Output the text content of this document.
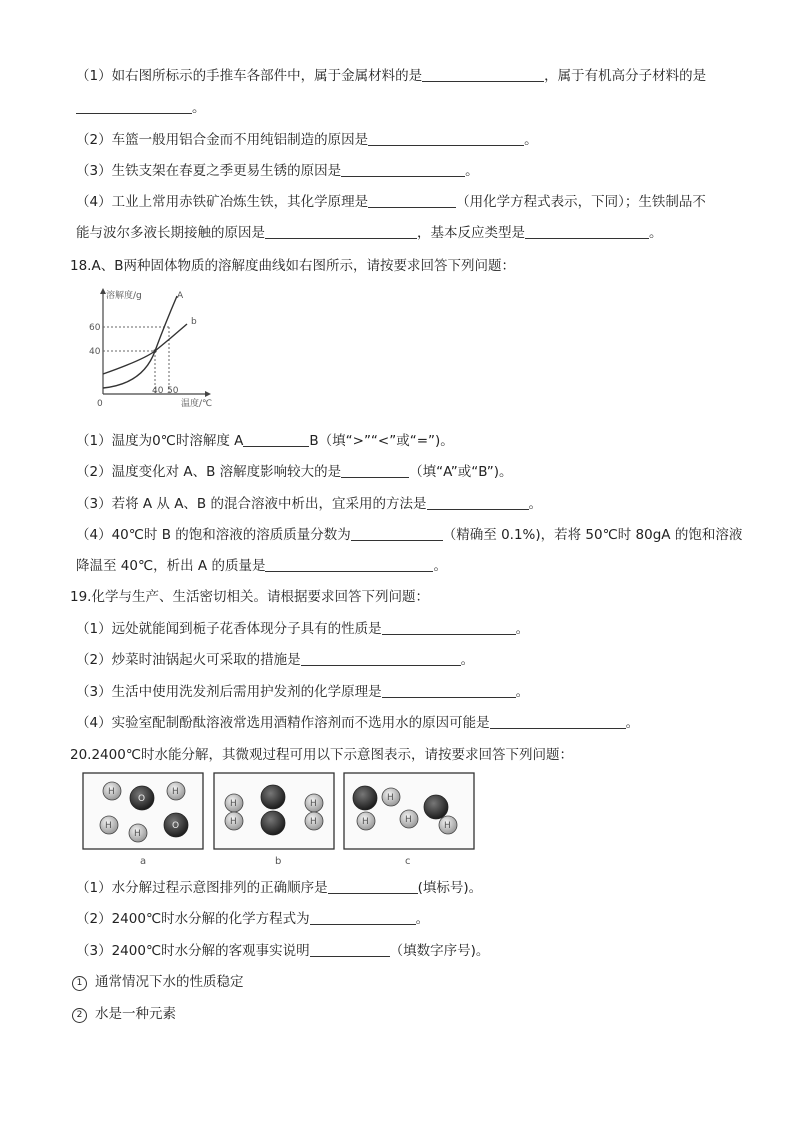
（1）如右图所标示的手推车各部件中，属于金属材料的是	，属于有机高分子材料的是
。
（2）车篮一般用铝合金而不用纯铝制造的原因是	。
（3）生铁支架在春夏之季更易生锈的原因是	。
（4）工业上常用赤铁矿冶炼生铁，其化学原理是	（用化学方程式表示，下同）；生铁制品不
能与波尔多液长期接触的原因是	，基本反应类型是	。
18.A、B两种固体物质的溶解度曲线如右图所示，请按要求回答下列问题：
溶解度/g
温度/℃
60
40
0
40 50
A
b
（1）温度为0℃时溶解度 A	B（填“>”“<”或“=”)。
（2）温度变化对 A、B 溶解度影响较大的是	（填“A”或“B”)。
（3）若将 A 从 A、B 的混合溶液中析出，宜采用的方法是	。
（4）40℃时 B 的饱和溶液的溶质质量分数为	（精确至 0.1%)，若将 50℃时 80gA 的饱和溶液
降温至 40℃，析出 A 的质量是	。
19.化学与生产、生活密切相关。请根据要求回答下列问题：
（1）远处就能闻到栀子花香体现分子具有的性质是	。
（2）炒菜时油锅起火可采取的措施是	。
（3）生活中使用洗发剂后需用护发剂的化学原理是	。
（4）实验室配制酚酞溶液常选用酒精作溶剂而不选用水的原因可能是	。
20.2400℃时水能分解，其微观过程可用以下示意图表示，请按要求回答下列问题：
H
O
H
H
H
O
H
H
H
H
H
H	H
H
a	b	c
（1）水分解过程示意图排列的正确顺序是	(填标号)。
（2）2400℃时水分解的化学方程式为	。
（3）2400℃时水分解的客观事实说明	（填数字序号)。
1 通常情况下水的性质稳定
2 水是一种元素
